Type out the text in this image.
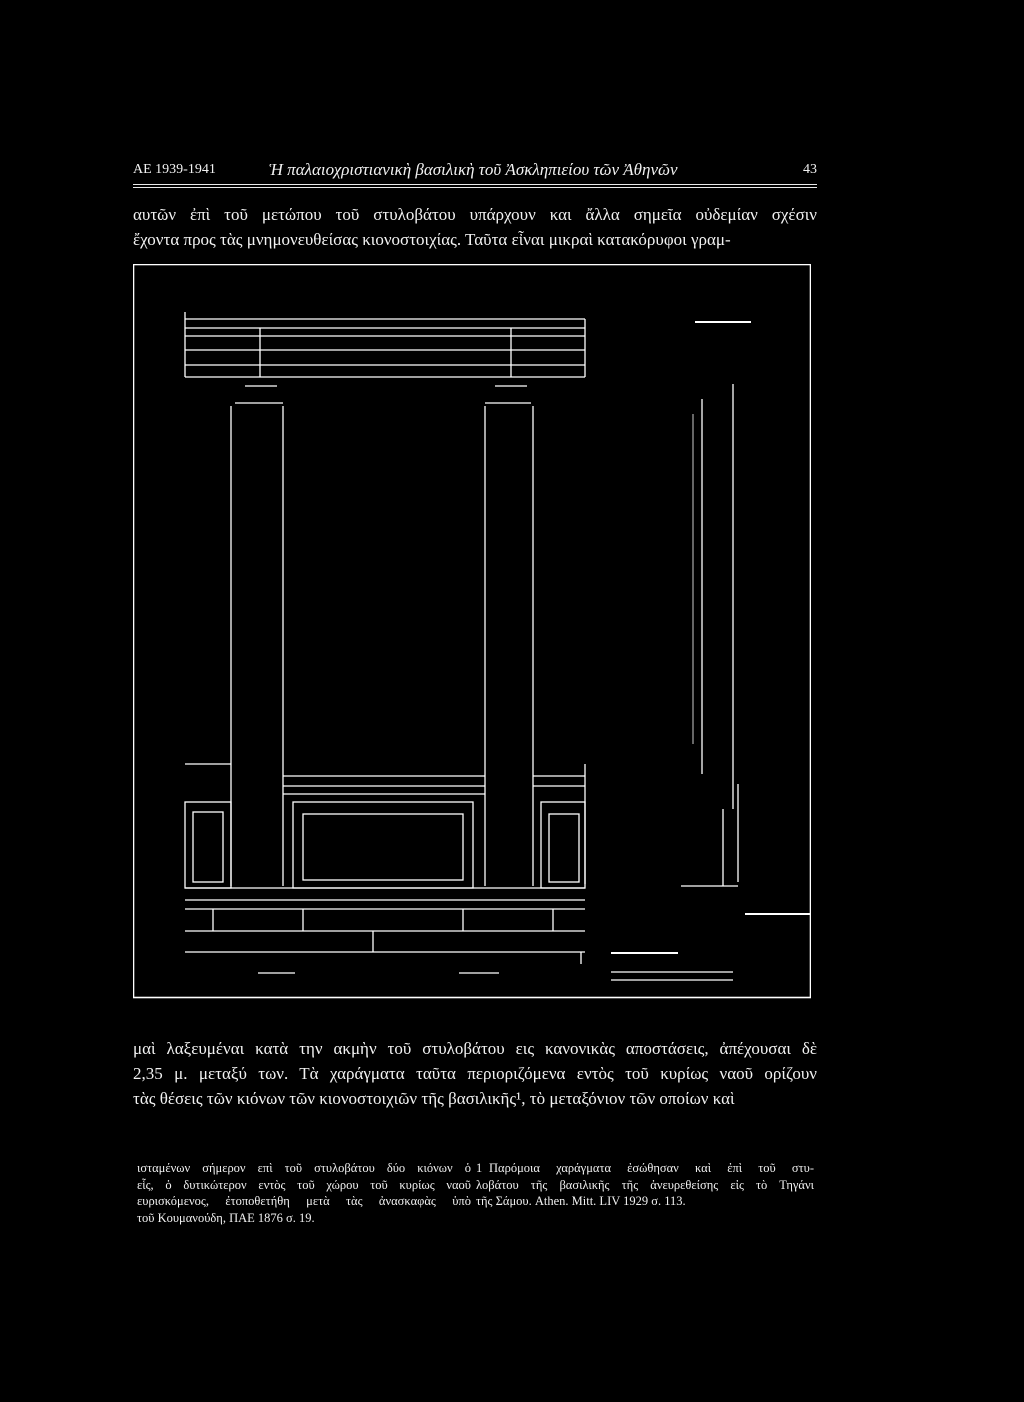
ΑΕ 1939-1941	Ἡ παλαιοχριστιανικὴ βασιλικὴ τοῦ Ἀσκληπιείου τῶν Ἀθηνῶν	43
αυτῶν ἐπὶ τοῦ μετώπου τοῦ στυλοβάτου υπάρχουν και ἄλλα σημεῖα οὐδεμίαν σχέσιν
ἔχοντα προς τὰς μνημονευθείσας κιονοστοιχίας. Ταῦτα εἶναι μικραὶ κατακόρυφοι γραμ-
μαὶ λαξευμέναι κατὰ την ακμὴν τοῦ στυλοβάτου εις κανονικὰς αποστάσεις, ἀπέχουσαι δὲ
2,35 μ. μεταξύ των. Τὰ χαράγματα ταῦτα περιοριζόμενα εντὸς τοῦ κυρίως ναοῦ ορίζουν
τὰς θέσεις τῶν κιόνων τῶν κιονοστοιχιῶν τῆς βασιλικῆς¹, τὸ μεταξόνιον τῶν οποίων καὶ
ισταμένων σήμερον επὶ τοῦ στυλοβάτου δύο κιόνων ὁ
εἷς, ὁ δυτικώτερον εντὸς τοῦ χώρου τοῦ κυρίως ναοῦ
ευρισκόμενος, ἐτοποθετήθη μετὰ τὰς ἀνασκαφὰς ὑπὸ
τοῦ Κουμανούδη, ΠΑΕ 1876 σ. 19.
1 Παρόμοια χαράγματα ἐσώθησαν καὶ ἐπὶ τοῦ στυ-
λοβάτου τῆς βασιλικῆς τῆς ἀνευρεθείσης εἰς τὸ Τηγάνι
τῆς Σάμου. Athen. Mitt. LIV 1929 σ. 113.
